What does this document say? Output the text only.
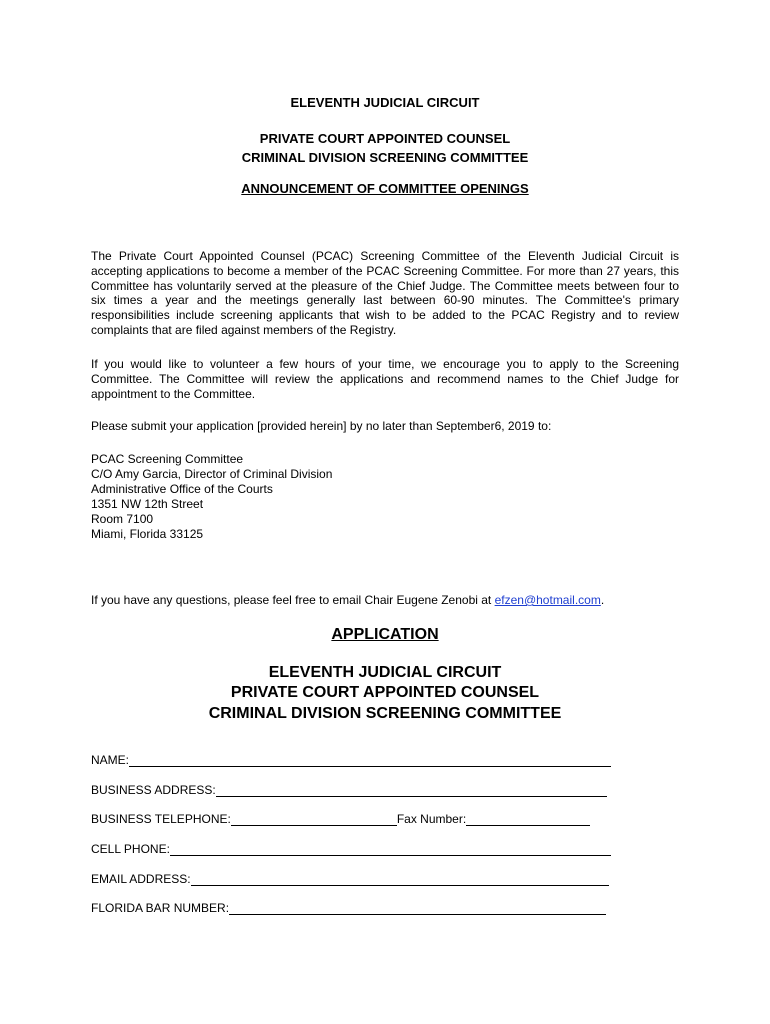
ELEVENTH JUDICIAL CIRCUIT
PRIVATE COURT APPOINTED COUNSEL
CRIMINAL DIVISION SCREENING COMMITTEE
ANNOUNCEMENT OF COMMITTEE OPENINGS
The Private Court Appointed Counsel (PCAC) Screening Committee of the Eleventh Judicial Circuit is accepting applications to become a member of the PCAC Screening Committee. For more than 27 years, this Committee has voluntarily served at the pleasure of the Chief Judge. The Committee meets between four to six times a year and the meetings generally last between 60-90 minutes. The Committee's primary responsibilities include screening applicants that wish to be added to the PCAC Registry and to review complaints that are filed against members of the Registry.
If you would like to volunteer a few hours of your time, we encourage you to apply to the Screening Committee. The Committee will review the applications and recommend names to the Chief Judge for appointment to the Committee.
Please submit your application [provided herein] by no later than September6, 2019 to:
PCAC Screening Committee
C/O Amy Garcia, Director of Criminal Division
Administrative Office of the Courts
1351 NW 12th Street
Room 7100
Miami, Florida 33125
If you have any questions, please feel free to email Chair Eugene Zenobi at efzen@hotmail.com.
APPLICATION
ELEVENTH JUDICIAL CIRCUIT
PRIVATE COURT APPOINTED COUNSEL
CRIMINAL DIVISION SCREENING COMMITTEE
NAME:
BUSINESS ADDRESS:
BUSINESS TELEPHONE:	Fax Number:
CELL PHONE:
EMAIL ADDRESS:
FLORIDA BAR NUMBER:
